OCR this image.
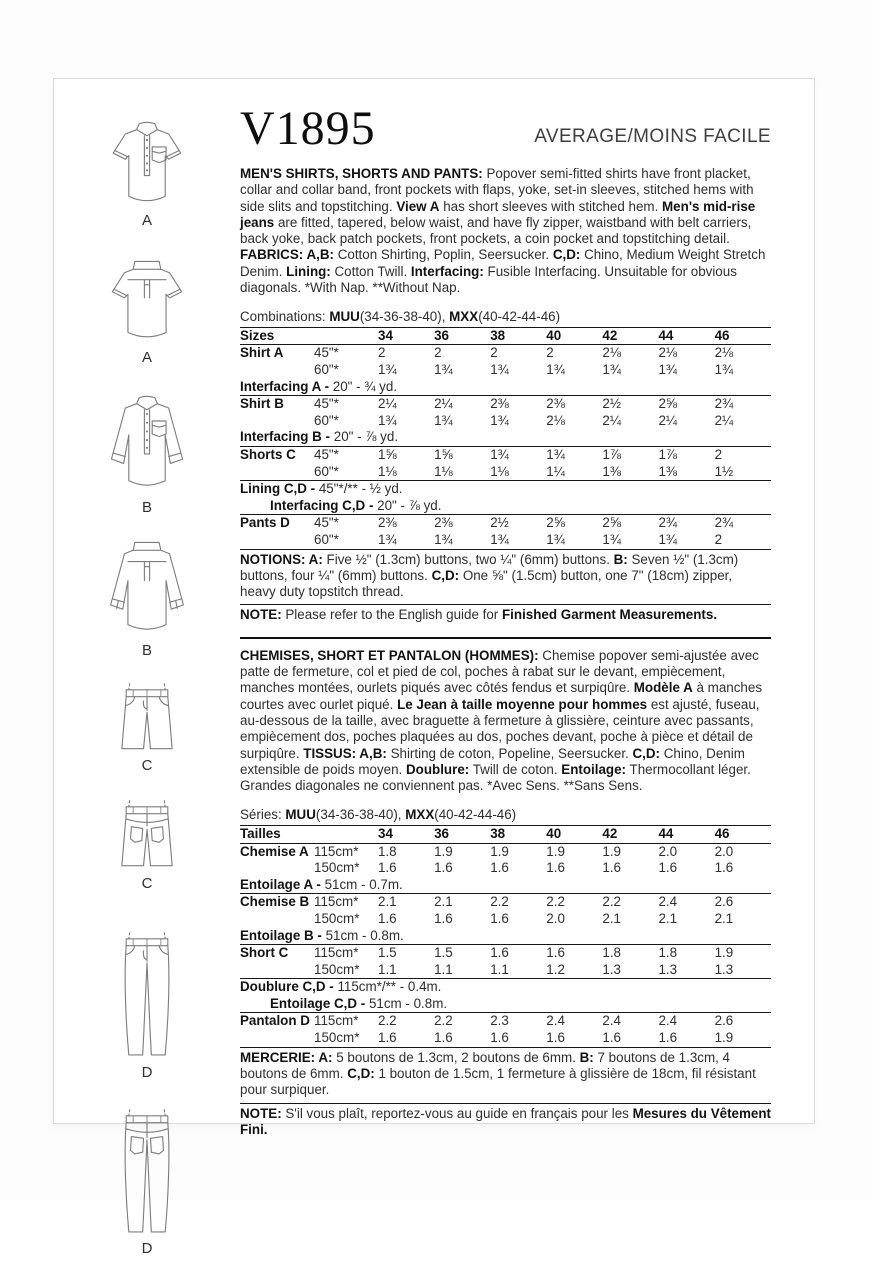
A
A
B
B
C
C
D
D
V1895	AVERAGE/MOINS FACILE

MEN'S SHIRTS, SHORTS AND PANTS: Popover semi-fitted shirts have front placket, collar and collar band, front pockets with flaps, yoke, set-in sleeves, stitched hems with side slits and topstitching. View A has short sleeves with stitched hem. Men's mid-rise jeans are fitted, tapered, below waist, and have fly zipper, waistband with belt carriers, back yoke, back patch pockets, front pockets, a coin pocket and topstitching detail. FABRICS: A,B: Cotton Shirting, Poplin, Seersucker. C,D: Chino, Medium Weight Stretch Denim. Lining: Cotton Twill. Interfacing: Fusible Interfacing. Unsuitable for obvious diagonals. *With Nap. **Without Nap.

Combinations: MUU(34-36-38-40), MXX(40-42-44-46)

Sizes	34	36	38	40	42	44	46
Shirt A	45"*	2	2	2	2	2⅛	2⅛	2⅛
60"*	1¾	1¾	1¾	1¾	1¾	1¾	1¾
Interfacing A - 20" - ¾ yd.
Shirt B	45"*	2¼	2¼	2⅜	2⅜	2½	2⅝	2¾
60"*	1¾	1¾	1¾	2⅛	2¼	2¼	2¼
Interfacing B - 20" - ⅞ yd.
Shorts C	45"*	1⅝	1⅝	1¾	1¾	1⅞	1⅞	2
60"*	1⅛	1⅛	1⅛	1¼	1⅜	1⅜	1½
Lining C,D - 45"*/** - ½ yd.
Interfacing C,D - 20" - ⅞ yd.
Pants D	45"*	2⅜	2⅜	2½	2⅝	2⅝	2¾	2¾
60"*	1¾	1¾	1¾	1¾	1¾	1¾	2

NOTIONS: A: Five ½" (1.3cm) buttons, two ¼" (6mm) buttons. B: Seven ½" (1.3cm) buttons, four ¼" (6mm) buttons. C,D: One ⅝" (1.5cm) button, one 7" (18cm) zipper, heavy duty topstitch thread.

NOTE: Please refer to the English guide for Finished Garment Measurements.

CHEMISES, SHORT ET PANTALON (HOMMES): Chemise popover semi-ajustée avec patte de fermeture, col et pied de col, poches à rabat sur le devant, empiècement, manches montées, ourlets piqués avec côtés fendus et surpiqûre. Modèle A à manches courtes avec ourlet piqué. Le Jean à taille moyenne pour hommes est ajusté, fuseau, au-dessous de la taille, avec braguette à fermeture à glissière, ceinture avec passants, empiècement dos, poches plaquées au dos, poches devant, poche à pièce et détail de surpiqûre. TISSUS: A,B: Shirting de coton, Popeline, Seersucker. C,D: Chino, Denim extensible de poids moyen. Doublure: Twill de coton. Entoilage: Thermocollant léger. Grandes diagonales ne conviennent pas. *Avec Sens. **Sans Sens.

Séries: MUU(34-36-38-40), MXX(40-42-44-46)

Tailles	34	36	38	40	42	44	46
Chemise A 115cm*	1.8	1.9	1.9	1.9	1.9	2.0	2.0
150cm*	1.6	1.6	1.6	1.6	1.6	1.6	1.6
Entoilage A - 51cm - 0.7m.
Chemise B 115cm*	2.1	2.1	2.2	2.2	2.2	2.4	2.6
150cm*	1.6	1.6	1.6	2.0	2.1	2.1	2.1
Entoilage B - 51cm - 0.8m.
Short C	115cm*	1.5	1.5	1.6	1.6	1.8	1.8	1.9
150cm*	1.1	1.1	1.1	1.2	1.3	1.3	1.3
Doublure C,D - 115cm*/** - 0.4m.
Entoilage C,D - 51cm - 0.8m.
Pantalon D 115cm*	2.2	2.2	2.3	2.4	2.4	2.4	2.6
150cm*	1.6	1.6	1.6	1.6	1.6	1.6	1.9

MERCERIE: A: 5 boutons de 1.3cm, 2 boutons de 6mm. B: 7 boutons de 1.3cm, 4 boutons de 6mm. C,D: 1 bouton de 1.5cm, 1 fermeture à glissière de 18cm, fil résistant pour surpiquer.

NOTE: S'il vous plaît, reportez-vous au guide en français pour les Mesures du Vêtement Fini.
